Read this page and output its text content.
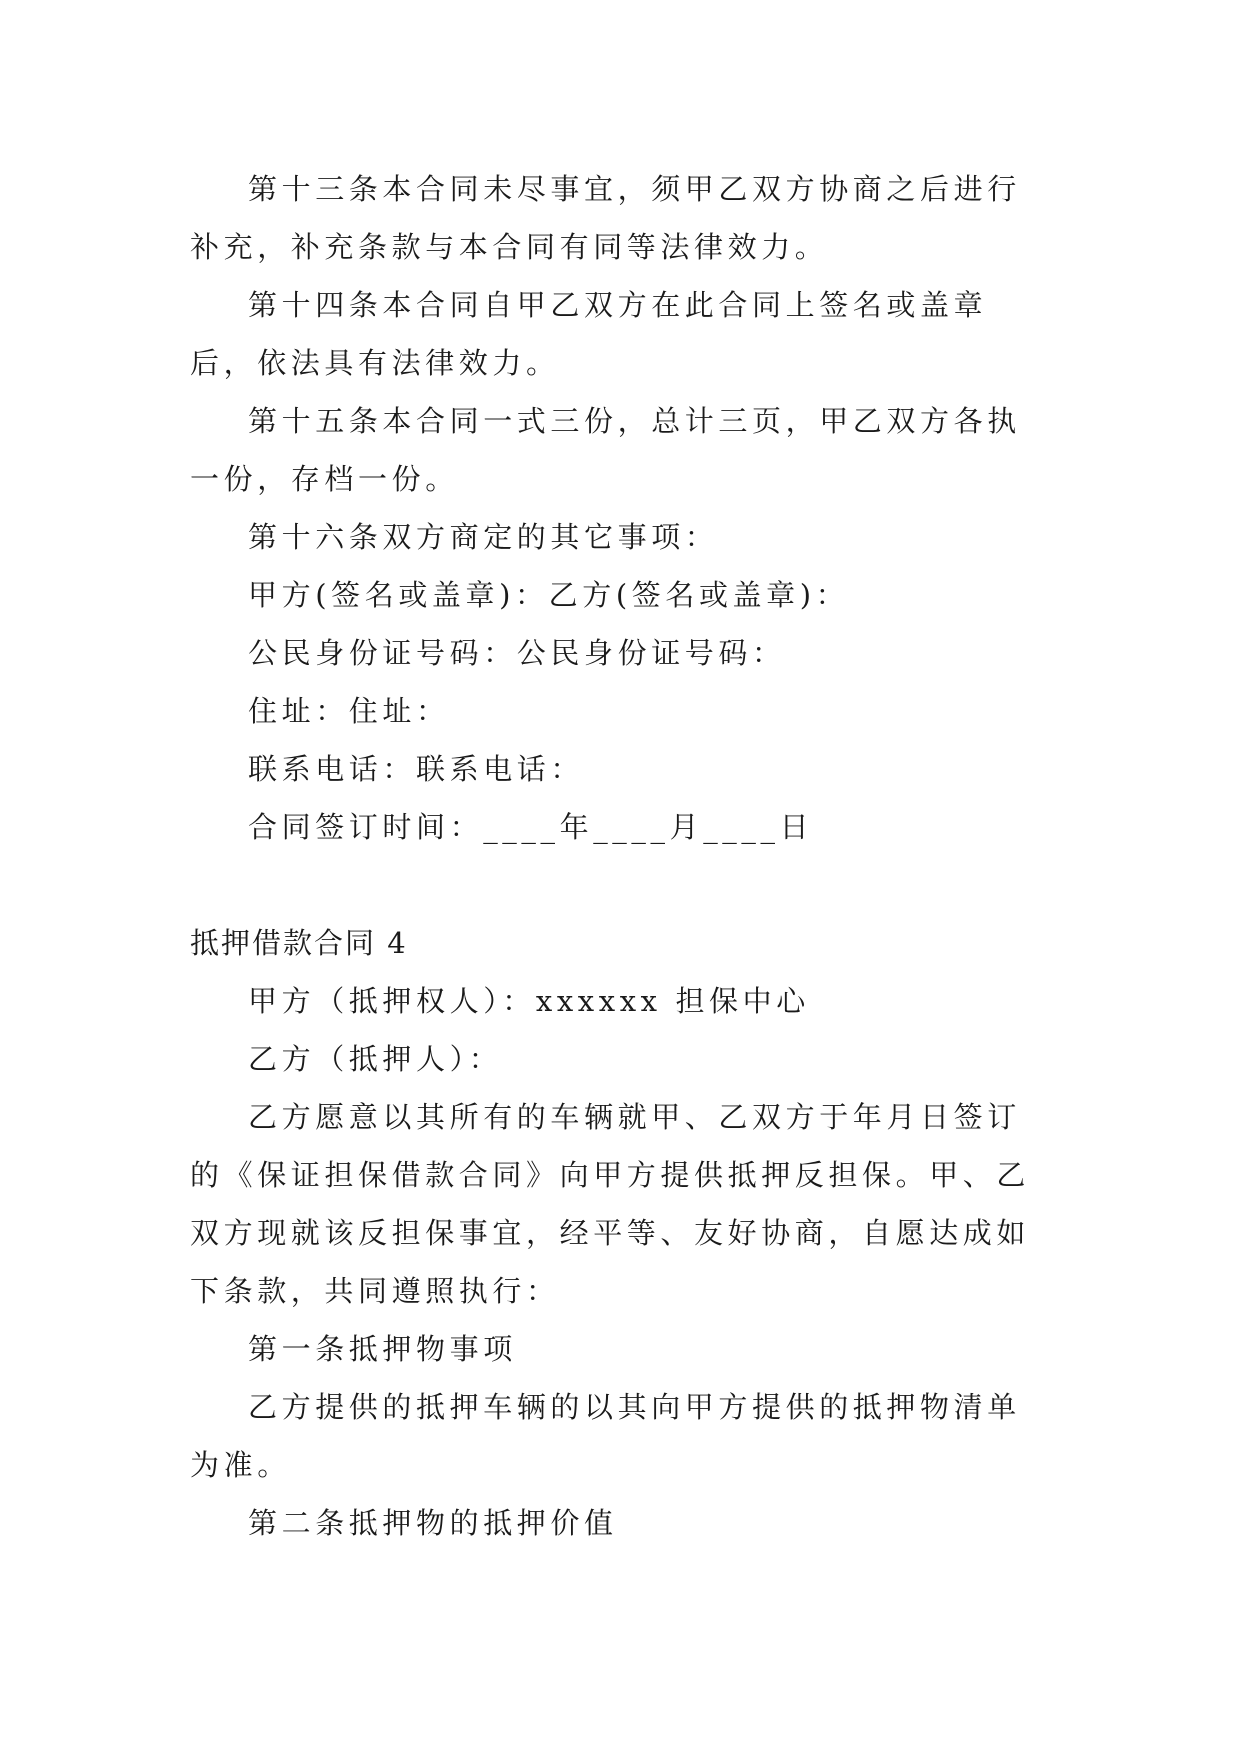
第十三条本合同未尽事宜，须甲乙双方协商之后进行补充，补充条款与本合同有同等法律效力。

第十四条本合同自甲乙双方在此合同上签名或盖章后，依法具有法律效力。

第十五条本合同一式三份，总计三页，甲乙双方各执一份，存档一份。

第十六条双方商定的其它事项：

甲方(签名或盖章)：乙方(签名或盖章)：

公民身份证号码：公民身份证号码：

住址：住址：

联系电话：联系电话：

合同签订时间：____年____月____日

抵押借款合同 4

甲方（抵押权人）：xxxxxx 担保中心

乙方（抵押人）：

乙方愿意以其所有的车辆就甲、乙双方于年月日签订的《保证担保借款合同》向甲方提供抵押反担保。甲、乙双方现就该反担保事宜，经平等、友好协商，自愿达成如下条款，共同遵照执行：

第一条抵押物事项

乙方提供的抵押车辆的以其向甲方提供的抵押物清单为准。

第二条抵押物的抵押价值
